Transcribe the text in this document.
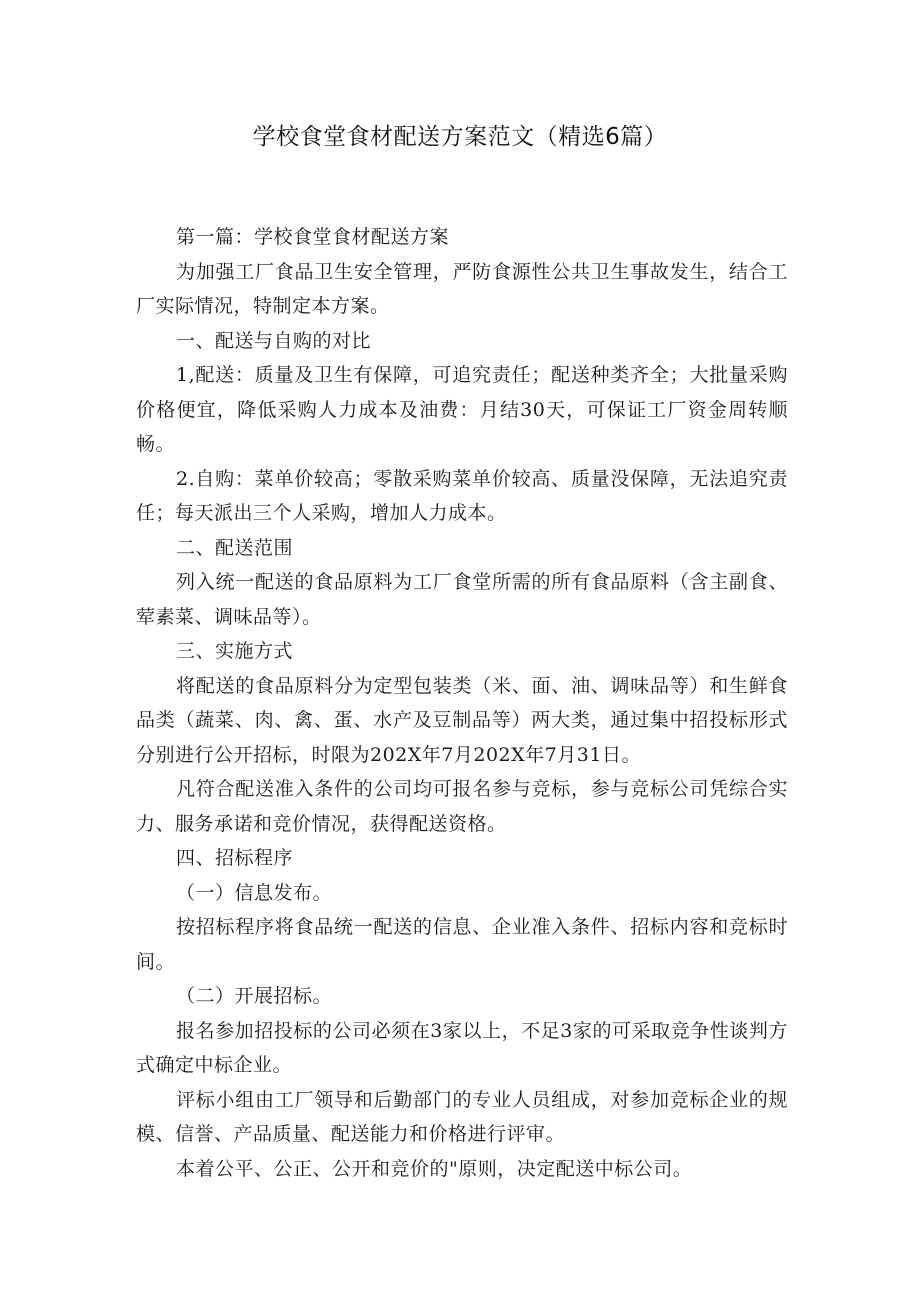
学校食堂食材配送方案范文（精选6篇）

第一篇：学校食堂食材配送方案

为加强工厂食品卫生安全管理，严防食源性公共卫生事故发生，结合工厂实际情况，特制定本方案。

一、配送与自购的对比

1,配送：质量及卫生有保障，可追究责任；配送种类齐全；大批量采购价格便宜，降低采购人力成本及油费：月结30天，可保证工厂资金周转顺畅。

2.自购：菜单价较高；零散采购菜单价较高、质量没保障，无法追究责任；每天派出三个人采购，增加人力成本。

二、配送范围

列入统一配送的食品原料为工厂食堂所需的所有食品原料（含主副食、荤素菜、调味品等）。

三、实施方式

将配送的食品原料分为定型包装类（米、面、油、调味品等）和生鲜食品类（蔬菜、肉、禽、蛋、水产及豆制品等）两大类，通过集中招投标形式分别进行公开招标，时限为202X年7月202X年7月31日。

凡符合配送准入条件的公司均可报名参与竞标，参与竞标公司凭综合实力、服务承诺和竞价情况，获得配送资格。

四、招标程序

（一）信息发布。

按招标程序将食品统一配送的信息、企业准入条件、招标内容和竞标时间。

（二）开展招标。

报名参加招投标的公司必须在3家以上，不足3家的可采取竞争性谈判方式确定中标企业。

评标小组由工厂领导和后勤部门的专业人员组成，对参加竞标企业的规模、信誉、产品质量、配送能力和价格进行评审。

本着公平、公正、公开和竞价的"原则，决定配送中标公司。
